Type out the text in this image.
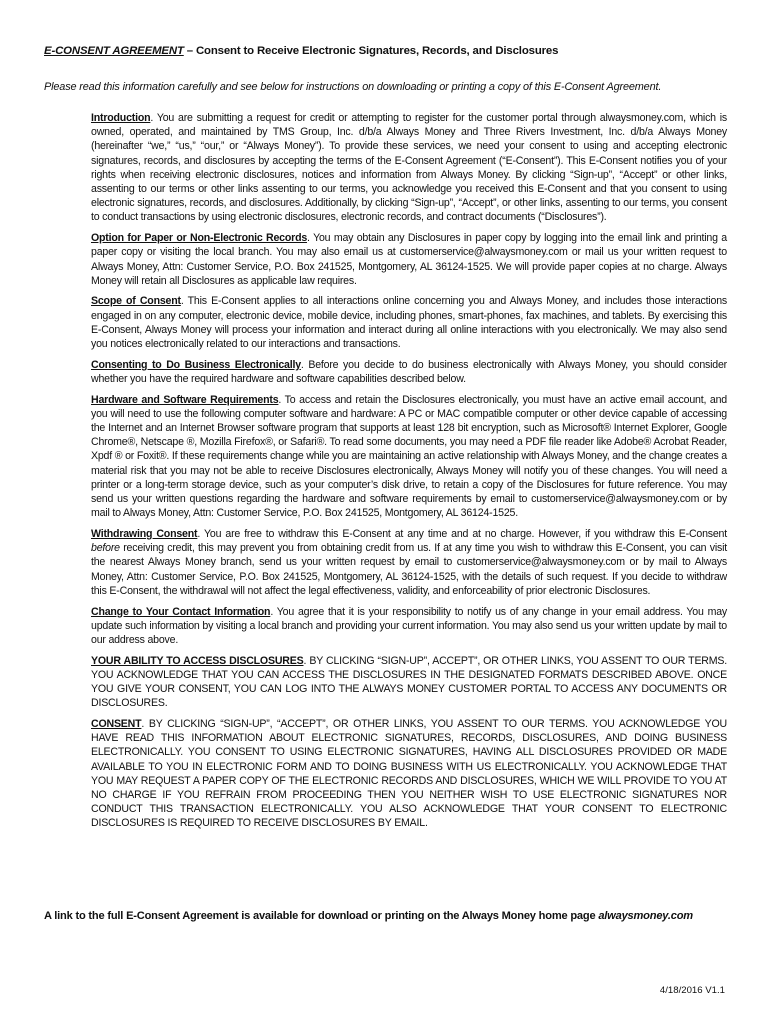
E-CONSENT AGREEMENT – Consent to Receive Electronic Signatures, Records, and Disclosures
Please read this information carefully and see below for instructions on downloading or printing a copy of this E-Consent Agreement.

Introduction. You are submitting a request for credit or attempting to register for the customer portal through alwaysmoney.com, which is owned, operated, and maintained by TMS Group, Inc. d/b/a Always Money and Three Rivers Investment, Inc. d/b/a Always Money (hereinafter “we,” “us,” “our,” or “Always Money”). To provide these services, we need your consent to using and accepting electronic signatures, records, and disclosures by accepting the terms of the E-Consent Agreement (“E-Consent”). This E-Consent notifies you of your rights when receiving electronic disclosures, notices and information from Always Money. By clicking “Sign-up”, “Accept” or other links, assenting to our terms or other links assenting to our terms, you acknowledge you received this E-Consent and that you consent to using electronic signatures, records, and disclosures. Additionally, by clicking “Sign-up”, “Accept”, or other links, assenting to our terms, you consent to conduct transactions by using electronic disclosures, electronic records, and contract documents (“Disclosures”).

Option for Paper or Non-Electronic Records. You may obtain any Disclosures in paper copy by logging into the email link and printing a paper copy or visiting the local branch. You may also email us at customerservice@alwaysmoney.com or mail us your written request to Always Money, Attn: Customer Service, P.O. Box 241525, Montgomery, AL 36124-1525. We will provide paper copies at no charge. Always Money will retain all Disclosures as applicable law requires.

Scope of Consent. This E-Consent applies to all interactions online concerning you and Always Money, and includes those interactions engaged in on any computer, electronic device, mobile device, including phones, smart-phones, fax machines, and tablets. By exercising this E-Consent, Always Money will process your information and interact during all online interactions with you electronically. We may also send you notices electronically related to our interactions and transactions.

Consenting to Do Business Electronically. Before you decide to do business electronically with Always Money, you should consider whether you have the required hardware and software capabilities described below.

Hardware and Software Requirements. To access and retain the Disclosures electronically, you must have an active email account, and you will need to use the following computer software and hardware: A PC or MAC compatible computer or other device capable of accessing the Internet and an Internet Browser software program that supports at least 128 bit encryption, such as Microsoft® Internet Explorer, Google Chrome®, Netscape ®, Mozilla Firefox®, or Safari®. To read some documents, you may need a PDF file reader like Adobe® Acrobat Reader, Xpdf ® or Foxit®. If these requirements change while you are maintaining an active relationship with Always Money, and the change creates a material risk that you may not be able to receive Disclosures electronically, Always Money will notify you of these changes. You will need a printer or a long-term storage device, such as your computer’s disk drive, to retain a copy of the Disclosures for future reference. You may send us your written questions regarding the hardware and software requirements by email to customerservice@alwaysmoney.com or by mail to Always Money, Attn: Customer Service, P.O. Box 241525, Montgomery, AL 36124-1525.

Withdrawing Consent. You are free to withdraw this E-Consent at any time and at no charge. However, if you withdraw this E-Consent before receiving credit, this may prevent you from obtaining credit from us. If at any time you wish to withdraw this E-Consent, you can visit the nearest Always Money branch, send us your written request by email to customerservice@alwaysmoney.com or by mail to Always Money, Attn: Customer Service, P.O. Box 241525, Montgomery, AL 36124-1525, with the details of such request. If you decide to withdraw this E-Consent, the withdrawal will not affect the legal effectiveness, validity, and enforceability of prior electronic Disclosures.

Change to Your Contact Information. You agree that it is your responsibility to notify us of any change in your email address. You may update such information by visiting a local branch and providing your current information. You may also send us your written update by mail to our address above.

YOUR ABILITY TO ACCESS DISCLOSURES. BY CLICKING “SIGN-UP”, ACCEPT”, OR OTHER LINKS, YOU ASSENT TO OUR TERMS. YOU ACKNOWLEDGE THAT YOU CAN ACCESS THE DISCLOSURES IN THE DESIGNATED FORMATS DESCRIBED ABOVE. ONCE YOU GIVE YOUR CONSENT, YOU CAN LOG INTO THE ALWAYS MONEY CUSTOMER PORTAL TO ACCESS ANY DOCUMENTS OR DISCLOSURES.

CONSENT. BY CLICKING “SIGN-UP”, “ACCEPT”, OR OTHER LINKS, YOU ASSENT TO OUR TERMS. YOU ACKNOWLEDGE YOU HAVE READ THIS INFORMATION ABOUT ELECTRONIC SIGNATURES, RECORDS, DISCLOSURES, AND DOING BUSINESS ELECTRONICALLY. YOU CONSENT TO USING ELECTRONIC SIGNATURES, HAVING ALL DISCLOSURES PROVIDED OR MADE AVAILABLE TO YOU IN ELECTRONIC FORM AND TO DOING BUSINESS WITH US ELECTRONICALLY. YOU ACKNOWLEDGE THAT YOU MAY REQUEST A PAPER COPY OF THE ELECTRONIC RECORDS AND DISCLOSURES, WHICH WE WILL PROVIDE TO YOU AT NO CHARGE IF YOU REFRAIN FROM PROCEEDING THEN YOU NEITHER WISH TO USE ELECTRONIC SIGNATURES NOR CONDUCT THIS TRANSACTION ELECTRONICALLY. YOU ALSO ACKNOWLEDGE THAT YOUR CONSENT TO ELECTRONIC DISCLOSURES IS REQUIRED TO RECEIVE DISCLOSURES BY EMAIL.

A link to the full E-Consent Agreement is available for download or printing on the Always Money home page alwaysmoney.com
4/18/2016 V1.1
